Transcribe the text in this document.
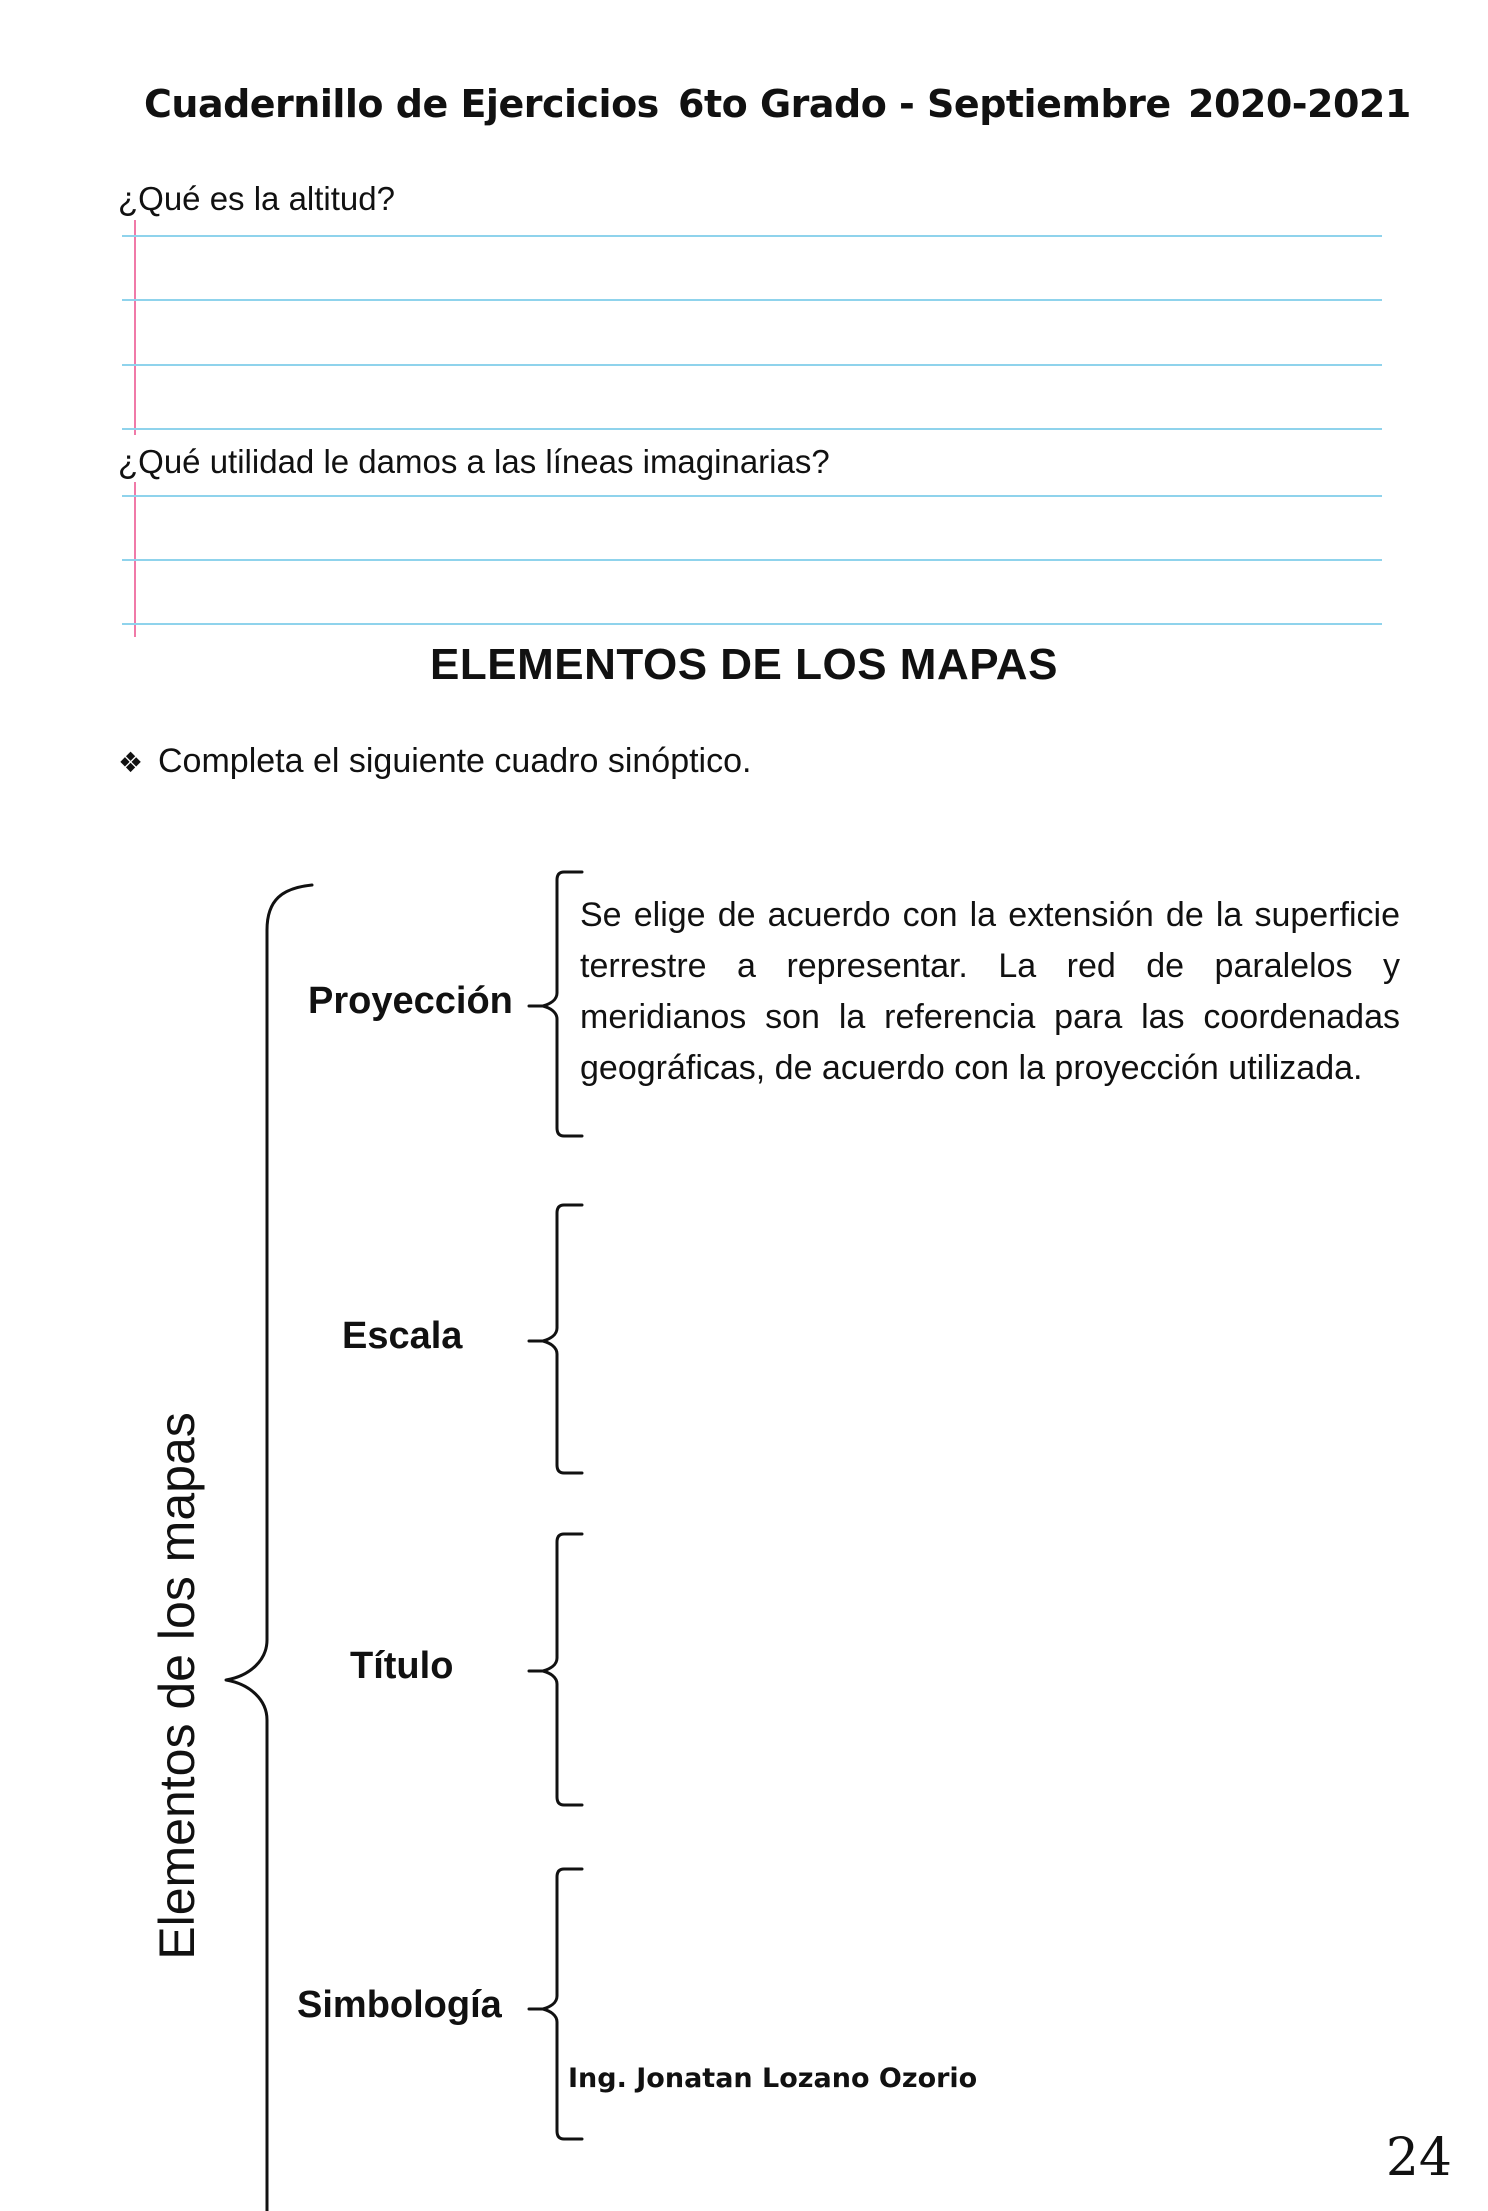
Cuadernillo de Ejercicios 6to Grado - Septiembre 2020-2021
¿Qué es la altitud?
¿Qué utilidad le damos a las líneas imaginarias?
ELEMENTOS DE LOS MAPAS
❖ Completa el siguiente cuadro sinóptico.
Elementos de los mapas
Proyección
Escala
Título
Simbología
Se elige de acuerdo con la extensión de la superficie terrestre a representar. La red de paralelos y meridianos son la referencia para las coordenadas geográficas, de acuerdo con la proyección utilizada.
Ing. Jonatan Lozano Ozorio
24
